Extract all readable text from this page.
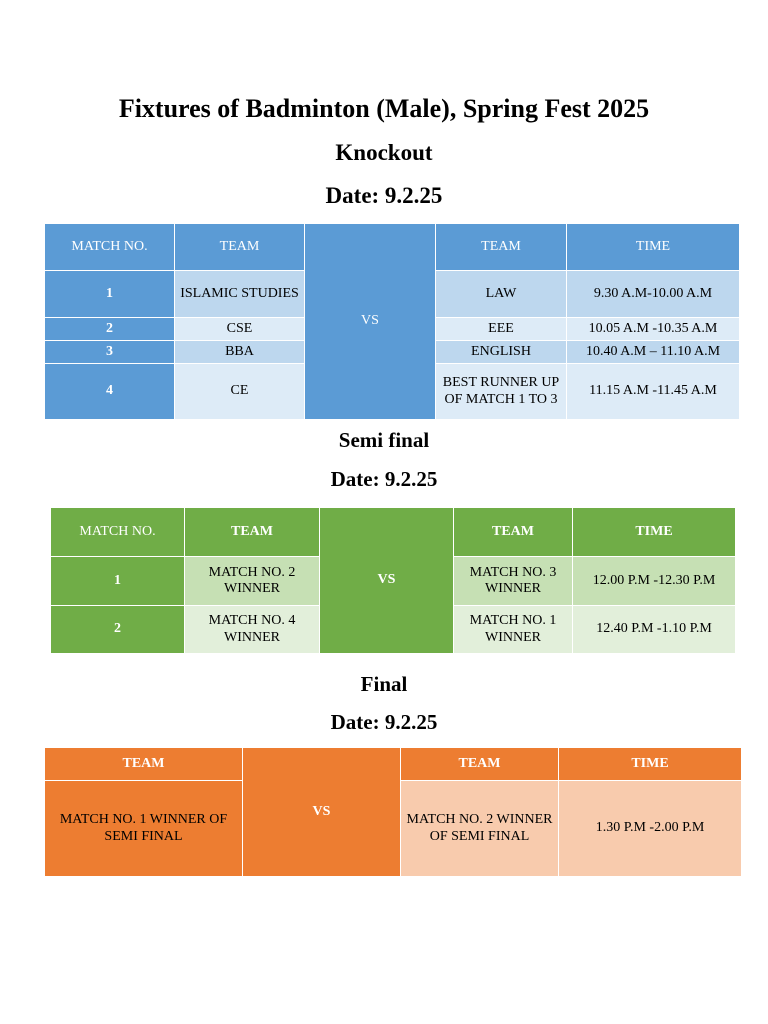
Fixtures of Badminton (Male), Spring Fest 2025
Knockout
Date: 9.2.25
MATCH NO.	TEAM	VS	TEAM	TIME
1	ISLAMIC STUDIES		LAW	9.30 A.M-10.00 A.M
2	CSE		EEE	10.05 A.M -10.35 A.M
3	BBA		ENGLISH	10.40 A.M – 11.10 A.M
4	CE		BEST RUNNER UP OF MATCH 1 TO 3	11.15 A.M -11.45 A.M
Semi final
Date: 9.2.25
MATCH NO.	TEAM	VS	TEAM	TIME
1	MATCH NO. 2 WINNER		MATCH NO. 3 WINNER	12.00 P.M -12.30 P.M
2	MATCH NO. 4 WINNER		MATCH NO. 1 WINNER	12.40 P.M -1.10 P.M
Final
Date: 9.2.25
TEAM	VS	TEAM	TIME
MATCH NO. 1 WINNER OF SEMI FINAL		MATCH NO. 2 WINNER OF SEMI FINAL	1.30 P.M -2.00 P.M
